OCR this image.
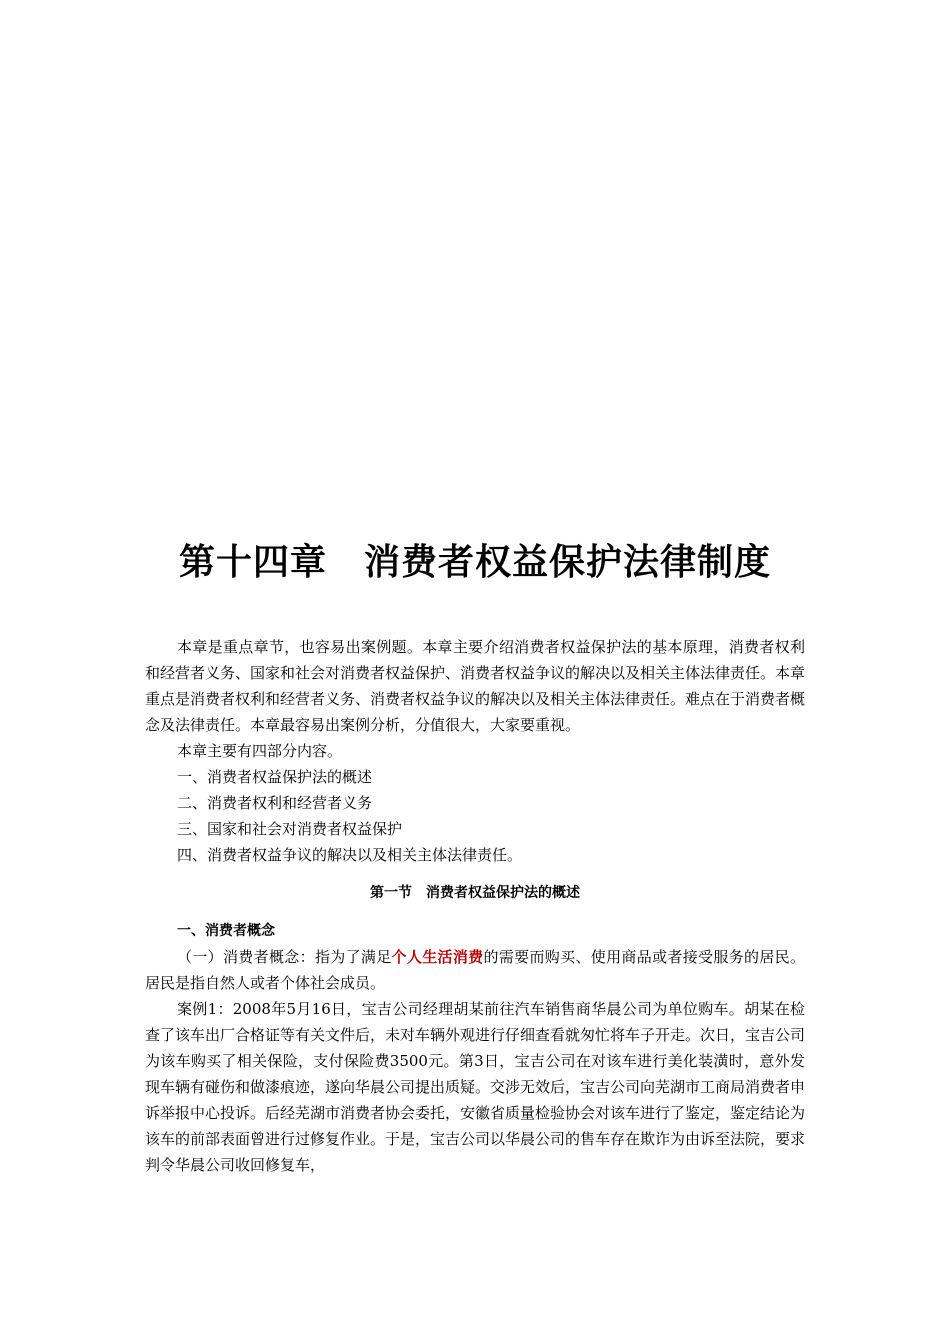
第十四章　消费者权益保护法律制度

本章是重点章节，也容易出案例题。本章主要介绍消费者权益保护法的基本原理，消费者权利和经营者义务、国家和社会对消费者权益保护、消费者权益争议的解决以及相关主体法律责任。本章重点是消费者权利和经营者义务、消费者权益争议的解决以及相关主体法律责任。难点在于消费者概念及法律责任。本章最容易出案例分析，分值很大，大家要重视。

本章主要有四部分内容。

一、消费者权益保护法的概述

二、消费者权利和经营者义务

三、国家和社会对消费者权益保护

四、消费者权益争议的解决以及相关主体法律责任。

第一节　消费者权益保护法的概述

一、消费者概念

（一）消费者概念：指为了满足个人生活消费的需要而购买、使用商品或者接受服务的居民。居民是指自然人或者个体社会成员。

案例1：2008年5月16日，宝吉公司经理胡某前往汽车销售商华晨公司为单位购车。胡某在检查了该车出厂合格证等有关文件后，未对车辆外观进行仔细查看就匆忙将车子开走。次日，宝吉公司为该车购买了相关保险，支付保险费3500元。第3日，宝吉公司在对该车进行美化装潢时，意外发现车辆有碰伤和做漆痕迹，遂向华晨公司提出质疑。交涉无效后，宝吉公司向芜湖市工商局消费者申诉举报中心投诉。后经芜湖市消费者协会委托，安徽省质量检验协会对该车进行了鉴定，鉴定结论为该车的前部表面曾进行过修复作业。于是，宝吉公司以华晨公司的售车存在欺诈为由诉至法院，要求判令华晨公司收回修复车，
